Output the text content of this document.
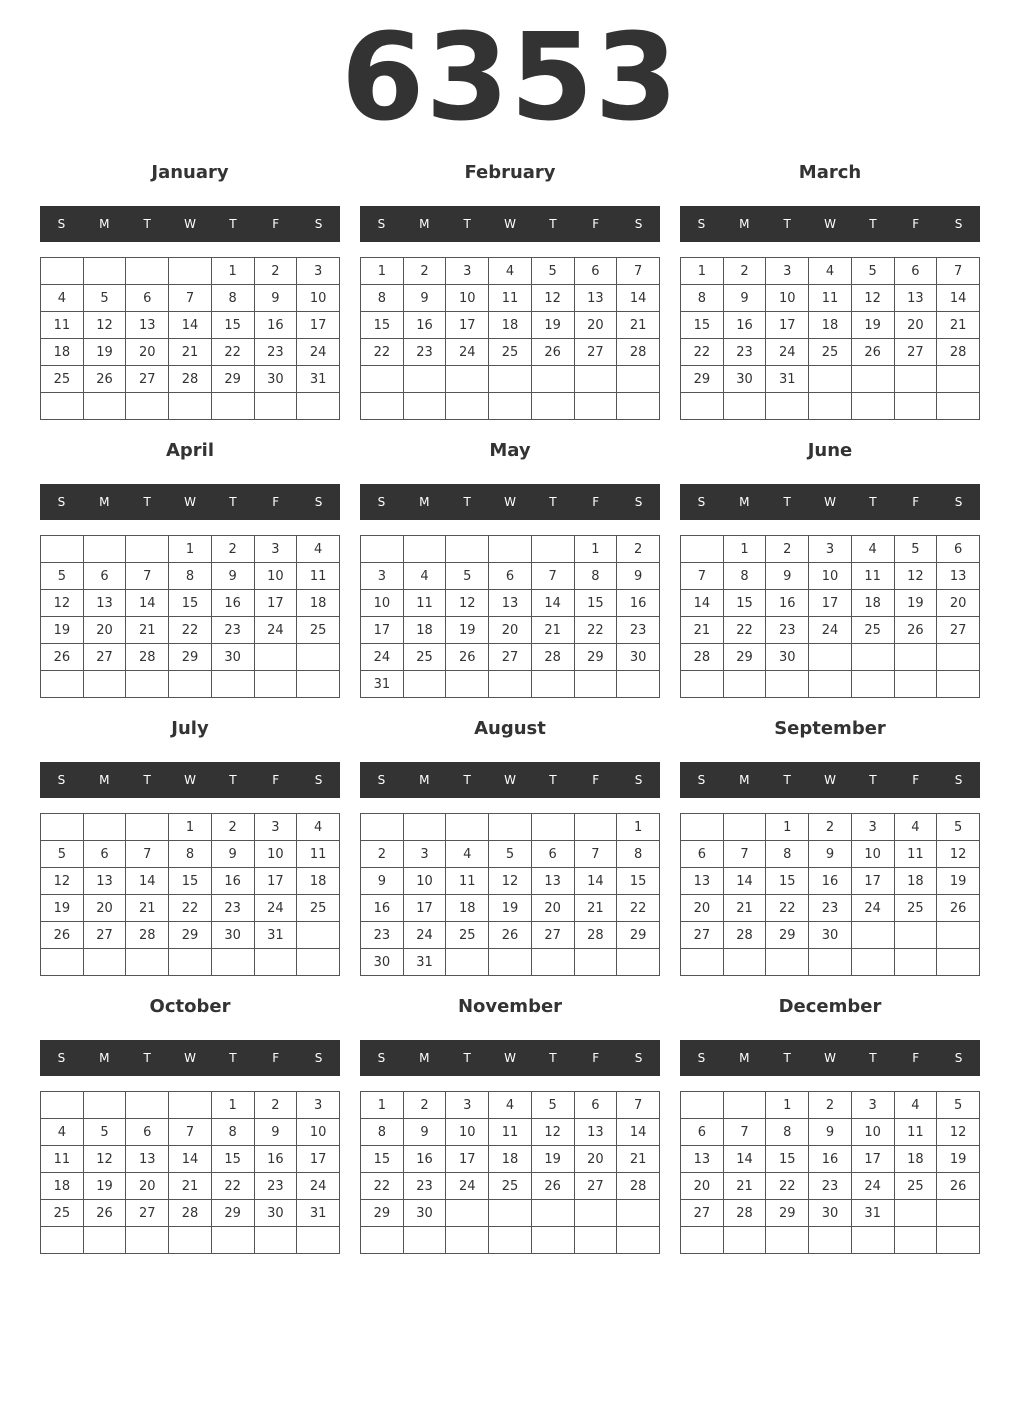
6353
January
S	M	T	W	T	F	S
				1	2	3
4	5	6	7	8	9	10
11	12	13	14	15	16	17
18	19	20	21	22	23	24
25	26	27	28	29	30	31

February
S	M	T	W	T	F	S
1	2	3	4	5	6	7
8	9	10	11	12	13	14
15	16	17	18	19	20	21
22	23	24	25	26	27	28

March
S	M	T	W	T	F	S
1	2	3	4	5	6	7
8	9	10	11	12	13	14
15	16	17	18	19	20	21
22	23	24	25	26	27	28
29	30	31				

April
S	M	T	W	T	F	S
			1	2	3	4
5	6	7	8	9	10	11
12	13	14	15	16	17	18
19	20	21	22	23	24	25
26	27	28	29	30		

May
S	M	T	W	T	F	S
					1	2
3	4	5	6	7	8	9
10	11	12	13	14	15	16
17	18	19	20	21	22	23
24	25	26	27	28	29	30
31						
June
S	M	T	W	T	F	S
	1	2	3	4	5	6
7	8	9	10	11	12	13
14	15	16	17	18	19	20
21	22	23	24	25	26	27
28	29	30				

July
S	M	T	W	T	F	S
			1	2	3	4
5	6	7	8	9	10	11
12	13	14	15	16	17	18
19	20	21	22	23	24	25
26	27	28	29	30	31	

August
S	M	T	W	T	F	S
						1
2	3	4	5	6	7	8
9	10	11	12	13	14	15
16	17	18	19	20	21	22
23	24	25	26	27	28	29
30	31					
September
S	M	T	W	T	F	S
		1	2	3	4	5
6	7	8	9	10	11	12
13	14	15	16	17	18	19
20	21	22	23	24	25	26
27	28	29	30			

October
S	M	T	W	T	F	S
				1	2	3
4	5	6	7	8	9	10
11	12	13	14	15	16	17
18	19	20	21	22	23	24
25	26	27	28	29	30	31

November
S	M	T	W	T	F	S
1	2	3	4	5	6	7
8	9	10	11	12	13	14
15	16	17	18	19	20	21
22	23	24	25	26	27	28
29	30					

December
S	M	T	W	T	F	S
		1	2	3	4	5
6	7	8	9	10	11	12
13	14	15	16	17	18	19
20	21	22	23	24	25	26
27	28	29	30	31		
